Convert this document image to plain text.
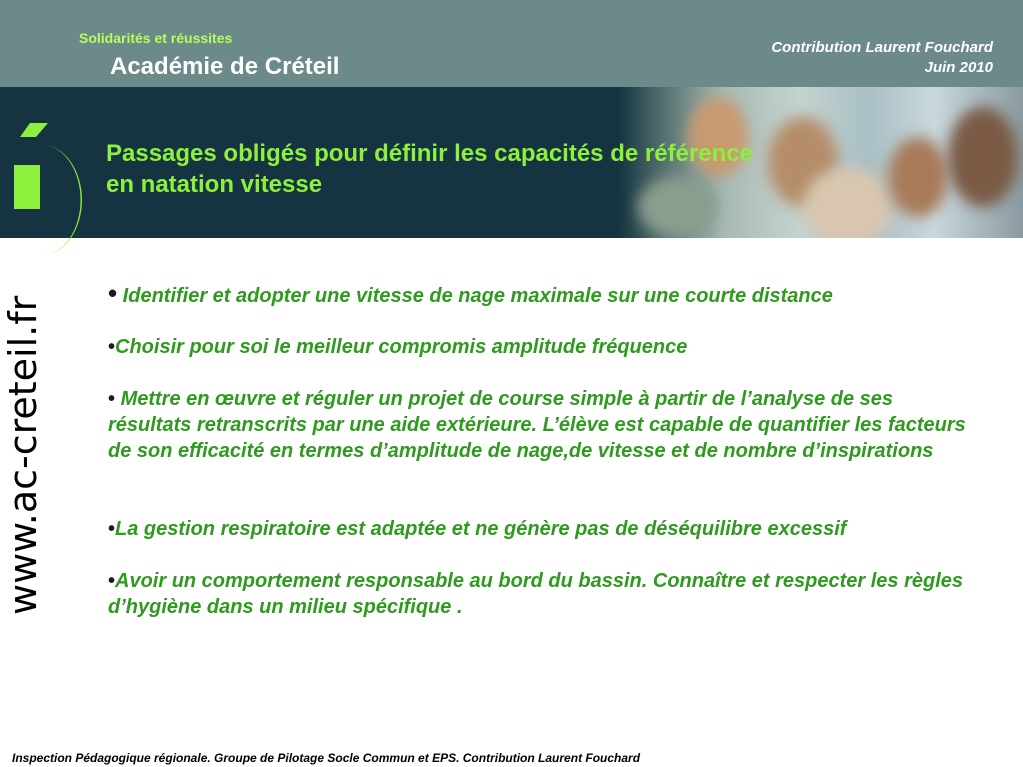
Solidarités et réussites
Académie de Créteil
Contribution Laurent Fouchard
Juin 2010
Passages obligés pour définir les capacités de référence
en natation vitesse
www.ac-creteil.fr
• Identifier et adopter une vitesse de nage maximale sur une courte distance
•Choisir pour soi le meilleur compromis amplitude fréquence
• Mettre en œuvre et réguler un projet de course simple à partir de l’analyse de ses résultats retranscrits par une aide extérieure. L’élève est capable de quantifier les facteurs de son efficacité en termes d’amplitude de nage,de vitesse et de nombre d’inspirations
•La gestion respiratoire est adaptée et ne génère pas de déséquilibre excessif
•Avoir un comportement responsable au bord du bassin. Connaître et respecter les règles d’hygiène dans un milieu spécifique .
Inspection Pédagogique régionale. Groupe de Pilotage Socle Commun et EPS. Contribution Laurent Fouchard
